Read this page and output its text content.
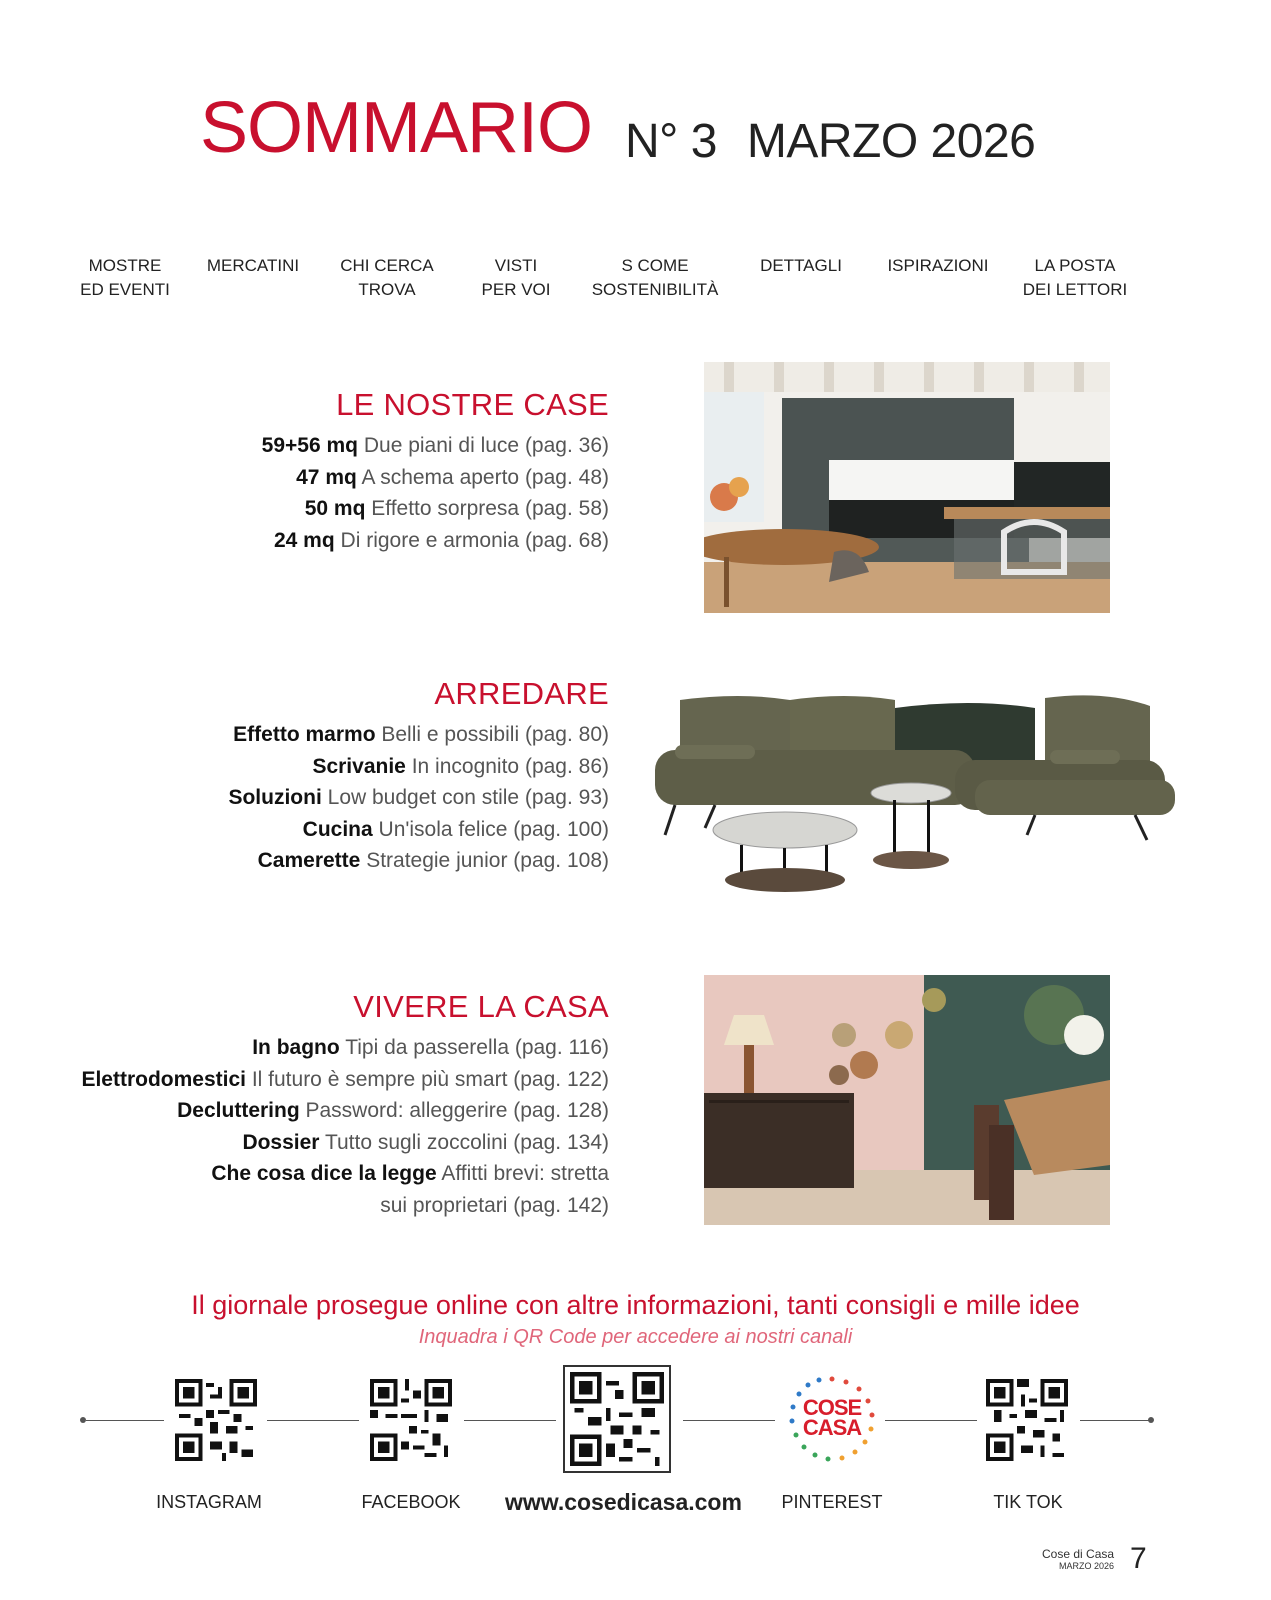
SOMMARIO N° 3 MARZO 2026
MOSTRE
ED EVENTI
MERCATINI	CHI CERCA
TROVA
VISTI
PER VOI
S COME
SOSTENIBILITÀ
DETTAGLI	ISPIRAZIONI	LA POSTA
DEI LETTORI
LE NOSTRE CASE
59+56 mq Due piani di luce (pag. 36)
47 mq A schema aperto (pag. 48)
50 mq Effetto sorpresa (pag. 58)
24 mq Di rigore e armonia (pag. 68)
ARREDARE
Effetto marmo Belli e possibili (pag. 80)
Scrivanie In incognito (pag. 86)
Soluzioni Low budget con stile (pag. 93)
Cucina Un'isola felice (pag. 100)
Camerette Strategie junior (pag. 108)
VIVERE LA CASA
In bagno Tipi da passerella (pag. 116)
Elettrodomestici Il futuro è sempre più smart (pag. 122)
Decluttering Password: alleggerire (pag. 128)
Dossier Tutto sugli zoccolini (pag. 134)
Che cosa dice la legge Affitti brevi: stretta
sui proprietari (pag. 142)
Il giornale prosegue online con altre informazioni, tanti consigli e mille idee
Inquadra i QR Code per accedere ai nostri canali
COSE
CASA
INSTAGRAM	FACEBOOK	www.cosedicasa.com	PINTEREST	TIK TOK
Cose di Casa
MARZO 2026 7
